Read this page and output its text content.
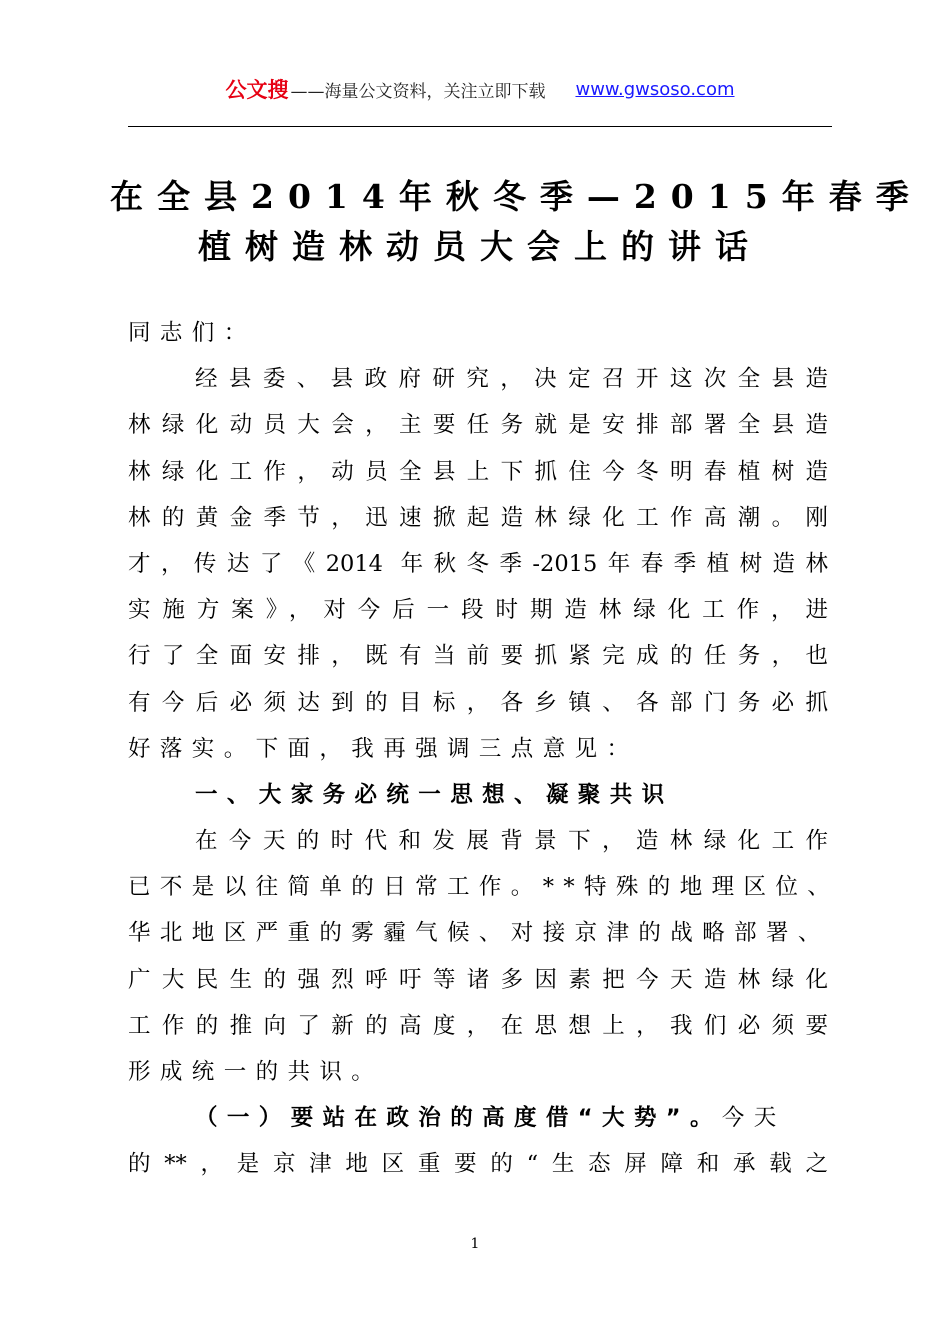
公文搜 ——海量公文资料，关注立即下载 www.gwsoso.com
在全县2014年秋冬季—2015年春季
植树造林动员大会上的讲话
同志们：
经县委、县政府研究，决定召开这次全县造
林绿化动员大会，主要任务就是安排部署全县造
林绿化工作，动员全县上下抓住今冬明春植树造
林的黄金季节，迅速掀起造林绿化工作高潮。刚
才，传达了《2014 年秋冬季-2015年春季植树造林
实施方案》，对今后一段时期造林绿化工作，进
行了全面安排，既有当前要抓紧完成的任务，也
有今后必须达到的目标，各乡镇、各部门务必抓
好落实。下面，我再强调三点意见：
一、大家务必统一思想、凝聚共识
在今天的时代和发展背景下，造林绿化工作
已不是以往简单的日常工作。**特殊的地理区位、
华北地区严重的雾霾气候、对接京津的战略部署、
广大民生的强烈呼吁等诸多因素把今天造林绿化
工作的推向了新的高度，在思想上，我们必须要
形成统一的共识。
（一）要站在政治的高度借“大势”。今天
的**，是京津地区重要的“生态屏障和承载之
1
